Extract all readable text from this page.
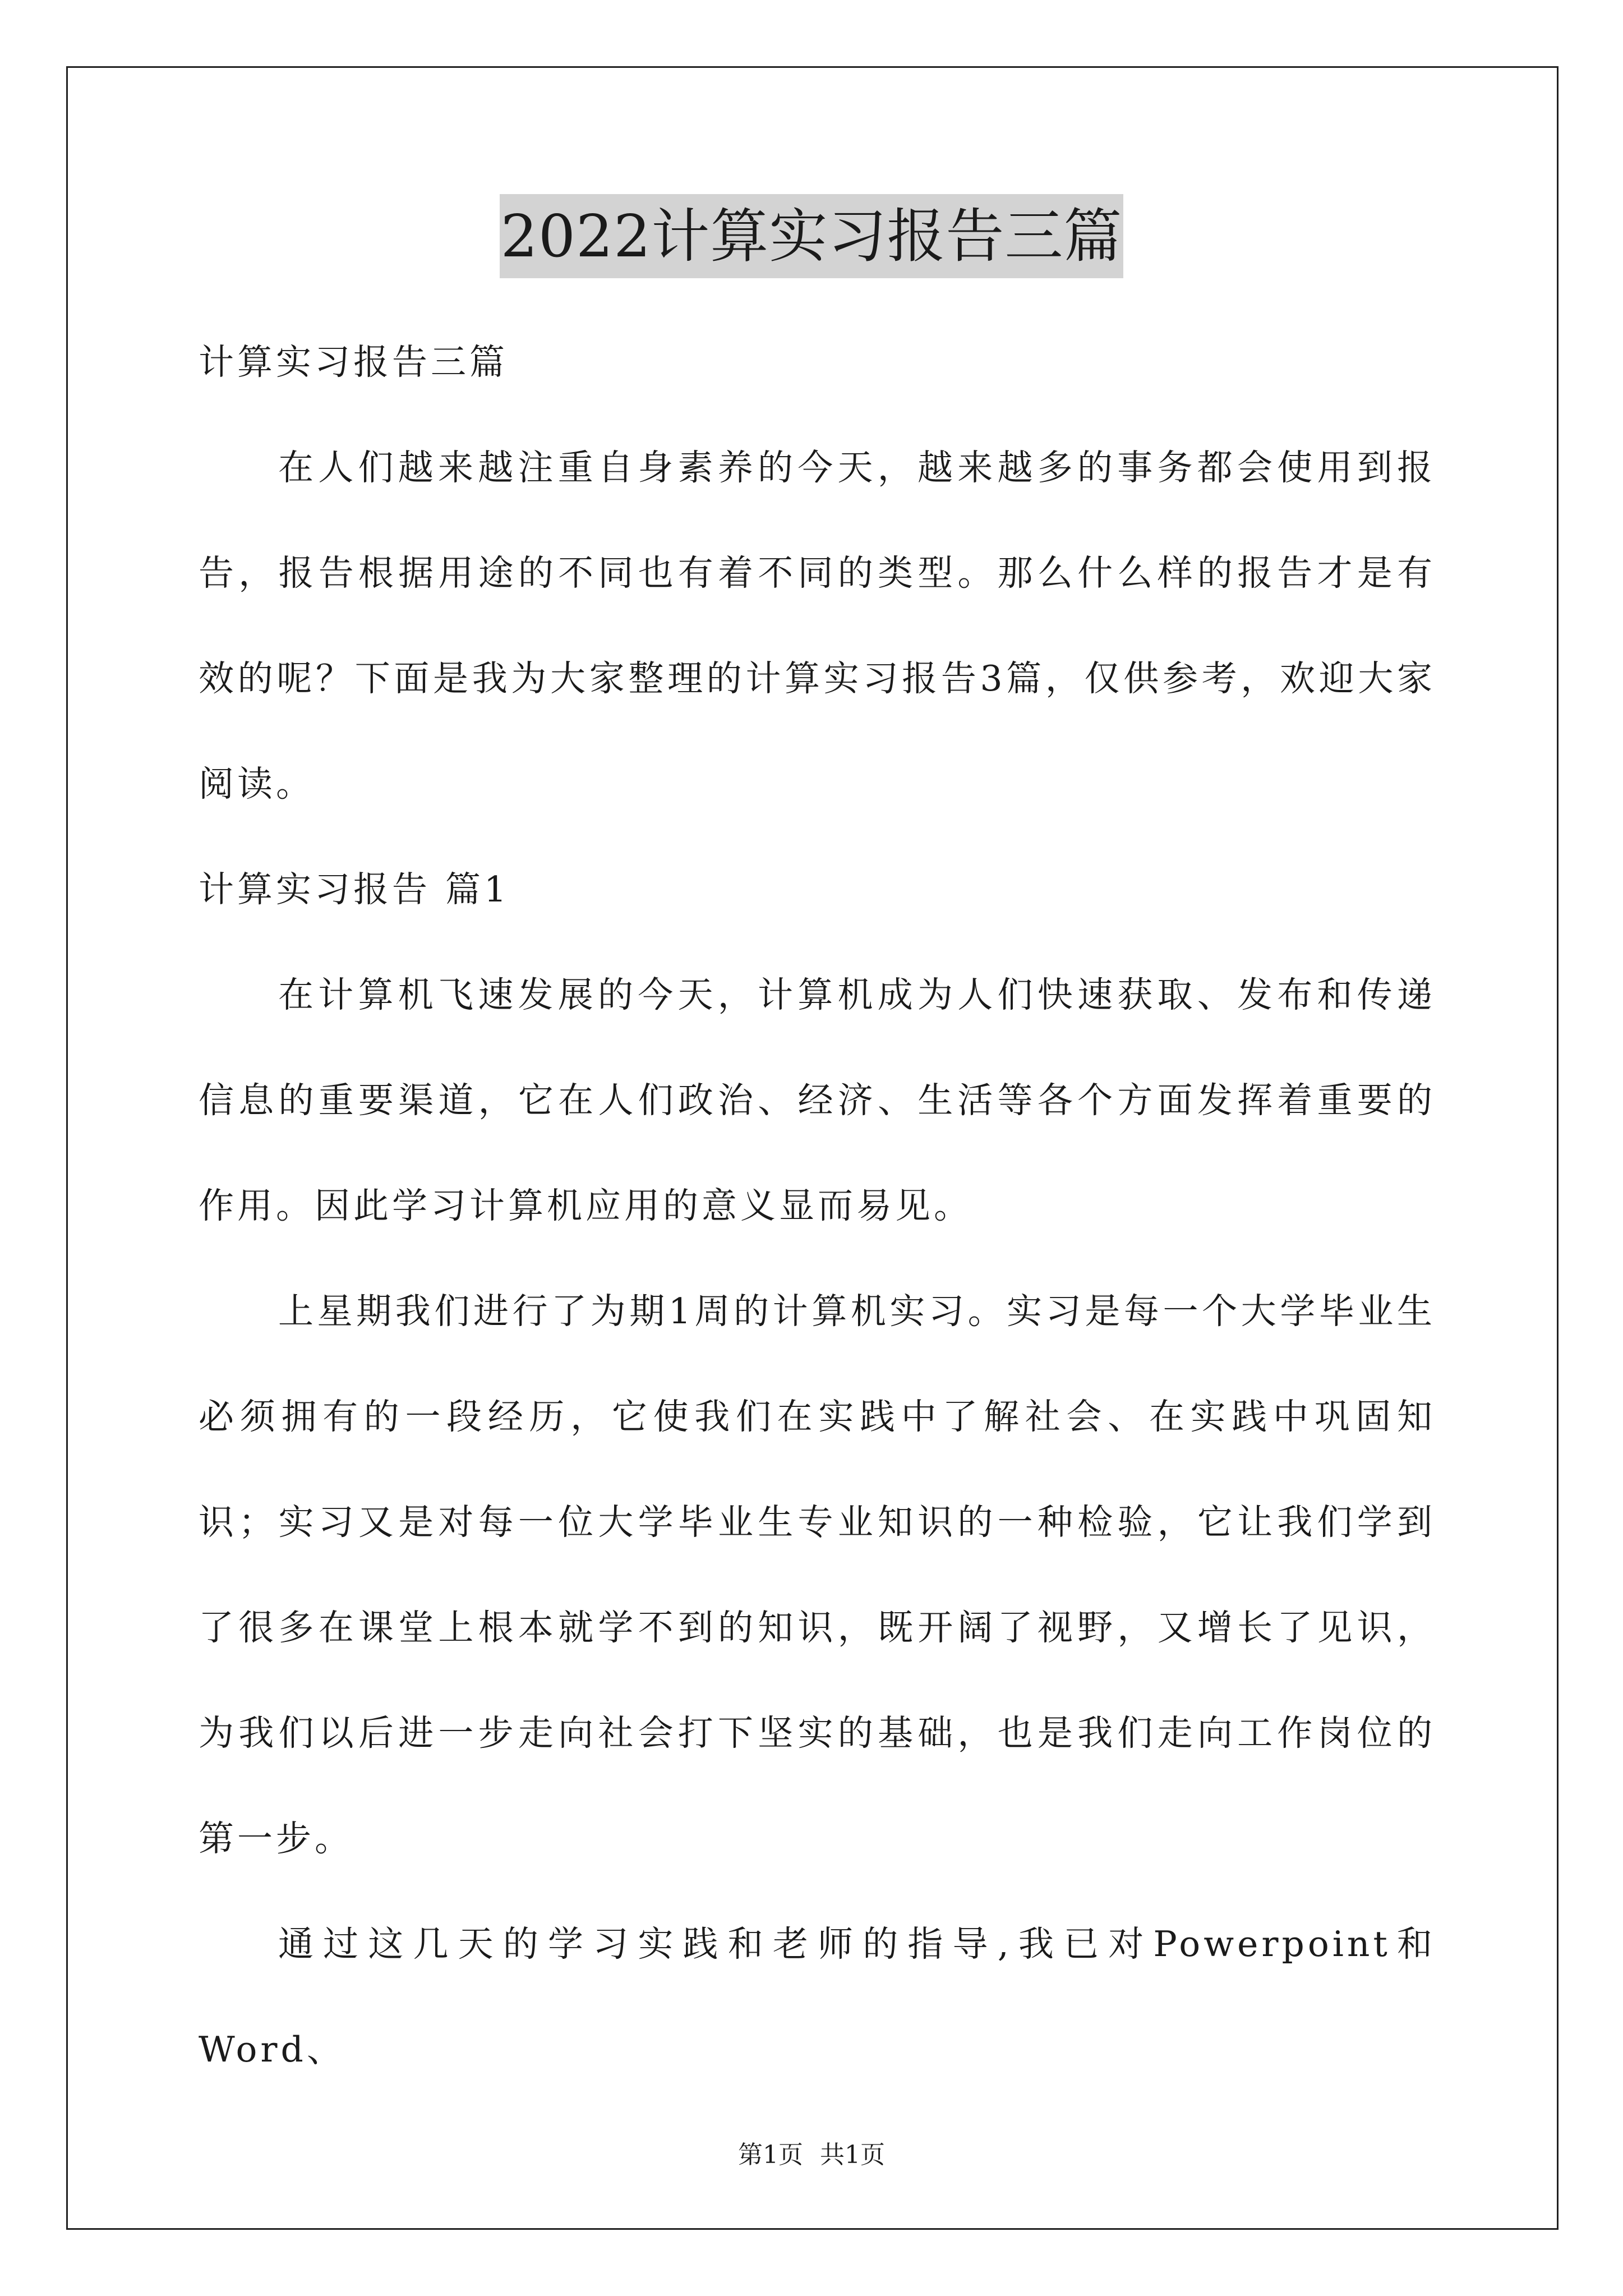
2022计算实习报告三篇

计算实习报告三篇

在人们越来越注重自身素养的今天，越来越多的事务都会使用到报告，报告根据用途的不同也有着不同的类型。那么什么样的报告才是有效的呢？下面是我为大家整理的计算实习报告3篇，仅供参考，欢迎大家阅读。

计算实习报告 篇1

在计算机飞速发展的今天，计算机成为人们快速获取、发布和传递信息的重要渠道，它在人们政治、经济、生活等各个方面发挥着重要的作用。因此学习计算机应用的意义显而易见。

上星期我们进行了为期1周的计算机实习。实习是每一个大学毕业生必须拥有的一段经历，它使我们在实践中了解社会、在实践中巩固知识；实习又是对每一位大学毕业生专业知识的一种检验，它让我们学到了很多在课堂上根本就学不到的知识，既开阔了视野，又增长了见识，为我们以后进一步走向社会打下坚实的基础，也是我们走向工作岗位的第一步。

通过这几天的学习实践和老师的指导,我已对Powerpoint和Word、

第1页 共1页
